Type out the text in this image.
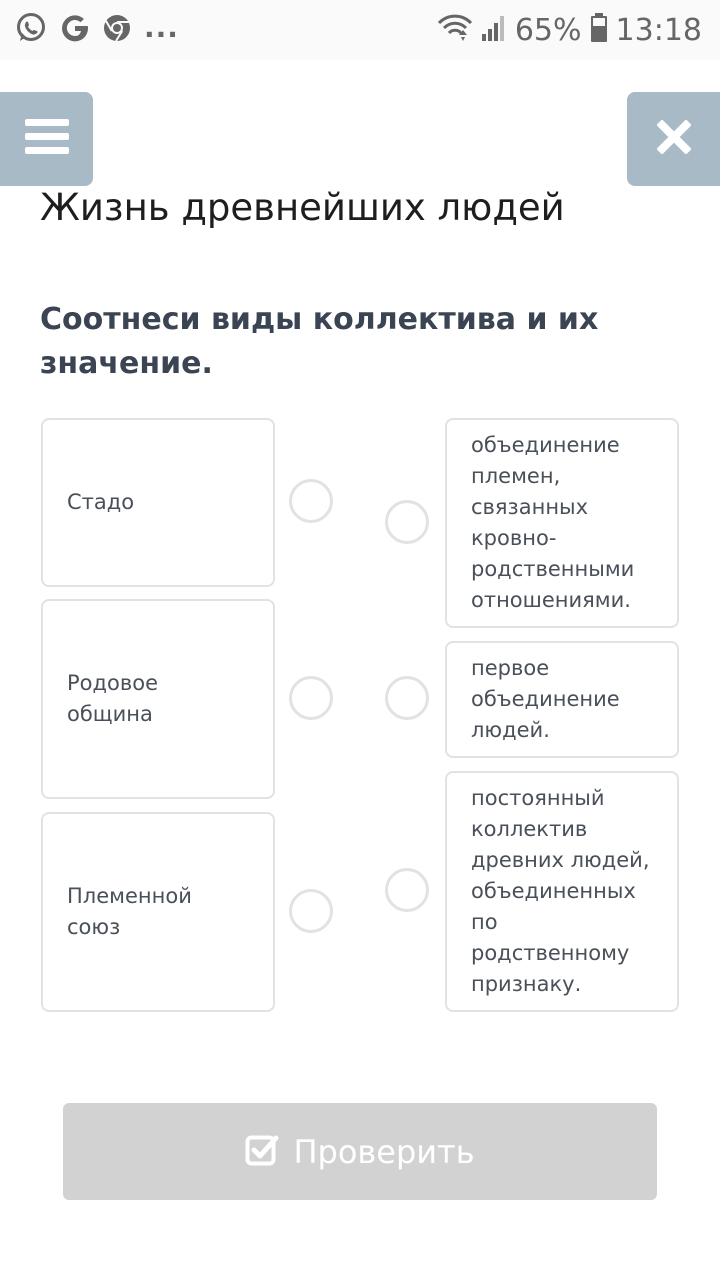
...	65% 13:18
Жизнь древнейших людей
Соотнеси виды коллектива и их значение.
Стадо
Родовое община
Племенной союз
объединение племен, связанных кровно-родственными отношениями.
первое объединение людей.
постоянный коллектив древних людей, объединенных по родственному признаку.
Проверить
